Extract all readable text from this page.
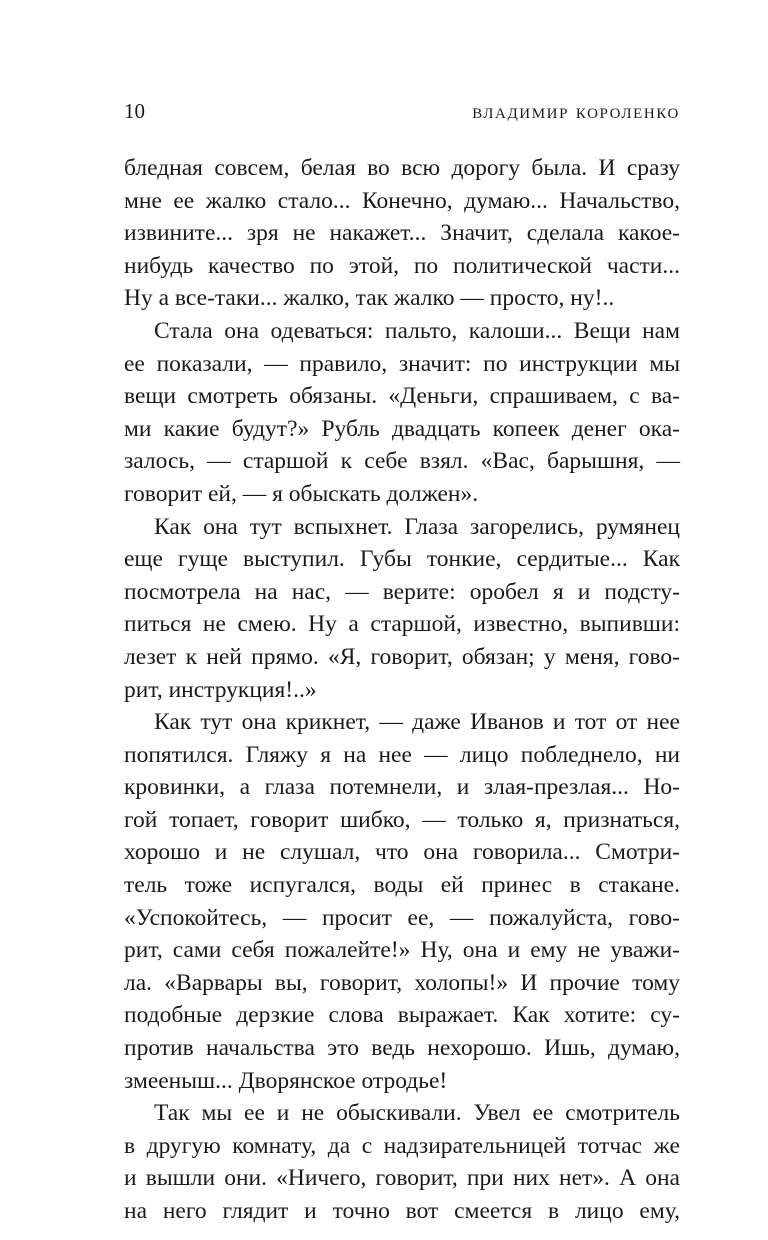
10	владимир короленко
бледная совсем, белая во всю дорогу была. И сразу
мне ее жалко стало... Конечно, думаю... Начальство,
извините... зря не накажет... Значит, сделала какое-
нибудь качество по этой, по политической части...
Ну а все-таки... жалко, так жалко — просто, ну!..
Стала она одеваться: пальто, калоши... Вещи нам
ее показали, — правило, значит: по инструкции мы
вещи смотреть обязаны. «Деньги, спрашиваем, с ва-
ми какие будут?» Рубль двадцать копеек денег ока-
залось, — старшой к себе взял. «Вас, барышня, —
говорит ей, — я обыскать должен».
Как она тут вспыхнет. Глаза загорелись, румянец
еще гуще выступил. Губы тонкие, сердитые... Как
посмотрела на нас, — верите: оробел я и подсту-
питься не смею. Ну а старшой, известно, выпивши:
лезет к ней прямо. «Я, говорит, обязан; у меня, гово-
рит, инструкция!..»
Как тут она крикнет, — даже Иванов и тот от нее
попятился. Гляжу я на нее — лицо побледнело, ни
кровинки, а глаза потемнели, и злая-презлая... Но-
гой топает, говорит шибко, — только я, признаться,
хорошо и не слушал, что она говорила... Смотри-
тель тоже испугался, воды ей принес в стакане.
«Успокойтесь, — просит ее, — пожалуйста, гово-
рит, сами себя пожалейте!» Ну, она и ему не уважи-
ла. «Варвары вы, говорит, холопы!» И прочие тому
подобные дерзкие слова выражает. Как хотите: су-
против начальства это ведь нехорошо. Ишь, думаю,
змееныш... Дворянское отродье!
Так мы ее и не обыскивали. Увел ее смотритель
в другую комнату, да с надзирательницей тотчас же
и вышли они. «Ничего, говорит, при них нет». А она
на него глядит и точно вот смеется в лицо ему,
